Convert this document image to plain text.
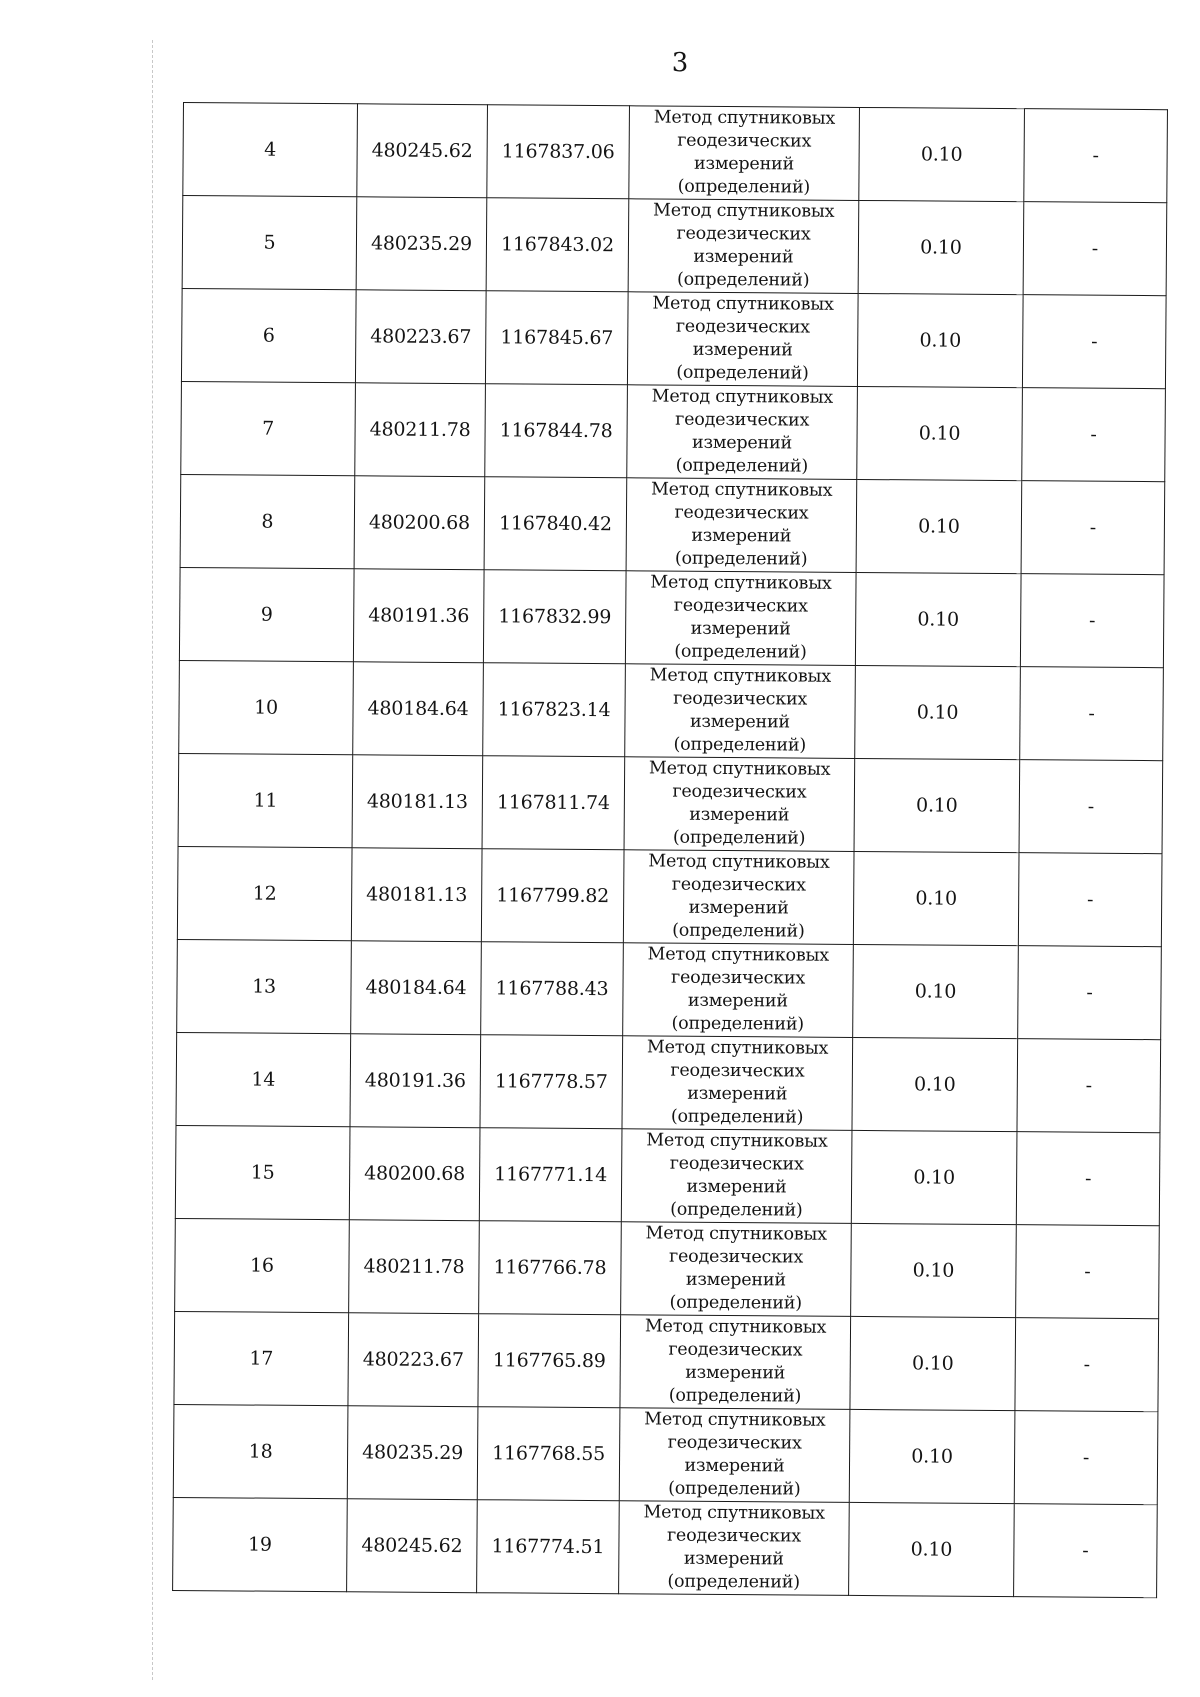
3
4	480245.62	1167837.06	Метод спутниковых геодезических измерений (определений)	0.10	-
5	480235.29	1167843.02	Метод спутниковых геодезических измерений (определений)	0.10	-
6	480223.67	1167845.67	Метод спутниковых геодезических измерений (определений)	0.10	-
7	480211.78	1167844.78	Метод спутниковых геодезических измерений (определений)	0.10	-
8	480200.68	1167840.42	Метод спутниковых геодезических измерений (определений)	0.10	-
9	480191.36	1167832.99	Метод спутниковых геодезических измерений (определений)	0.10	-
10	480184.64	1167823.14	Метод спутниковых геодезических измерений (определений)	0.10	-
11	480181.13	1167811.74	Метод спутниковых геодезических измерений (определений)	0.10	-
12	480181.13	1167799.82	Метод спутниковых геодезических измерений (определений)	0.10	-
13	480184.64	1167788.43	Метод спутниковых геодезических измерений (определений)	0.10	-
14	480191.36	1167778.57	Метод спутниковых геодезических измерений (определений)	0.10	-
15	480200.68	1167771.14	Метод спутниковых геодезических измерений (определений)	0.10	-
16	480211.78	1167766.78	Метод спутниковых геодезических измерений (определений)	0.10	-
17	480223.67	1167765.89	Метод спутниковых геодезических измерений (определений)	0.10	-
18	480235.29	1167768.55	Метод спутниковых геодезических измерений (определений)	0.10	-
19	480245.62	1167774.51	Метод спутниковых геодезических измерений (определений)	0.10	-
